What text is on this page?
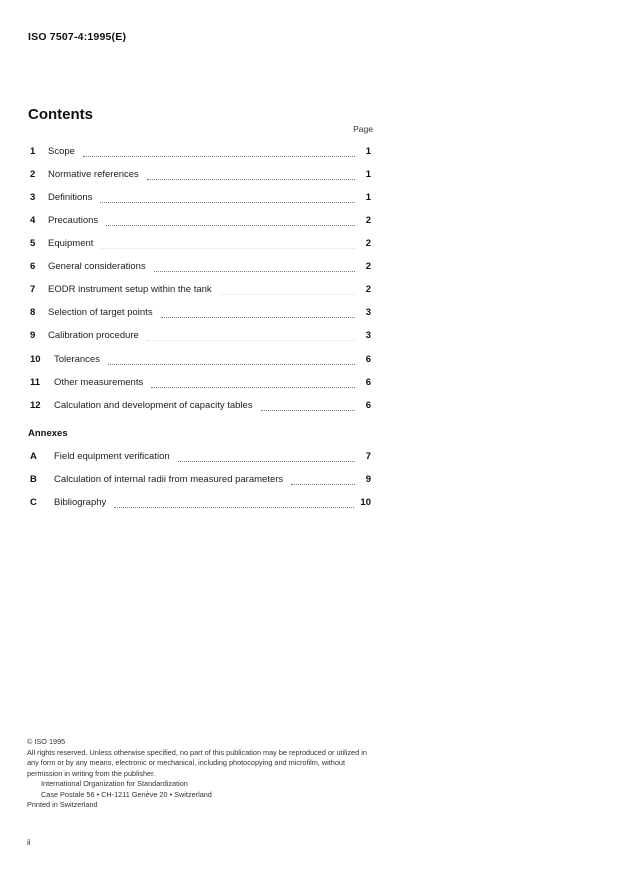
ISO 7507-4:1995(E)
Contents
Page
1	Scope	1
2	Normative references	1
3	Definitions	1
4	Precautions	2
5	Equipment	2
6	General considerations	2
7	EODR instrument setup within the tank	2
8	Selection of target points	3
9	Calibration procedure	3
10	Tolerances	6
11	Other measurements	6
12	Calculation and development of capacity tables	6
Annexes
A	Field equipment verification	7
B	Calculation of internal radii from measured parameters	9
C	Bibliography	10

© ISO 1995

All rights reserved. Unless otherwise specified, no part of this publication may be reproduced or utilized in any form or by any means, electronic or mechanical, including photocopying and microfilm, without permission in writing from the publisher.

International Organization for Standardization

Case Postale 56 • CH-1211 Genève 20 • Switzerland

Printed in Switzerland

ii
